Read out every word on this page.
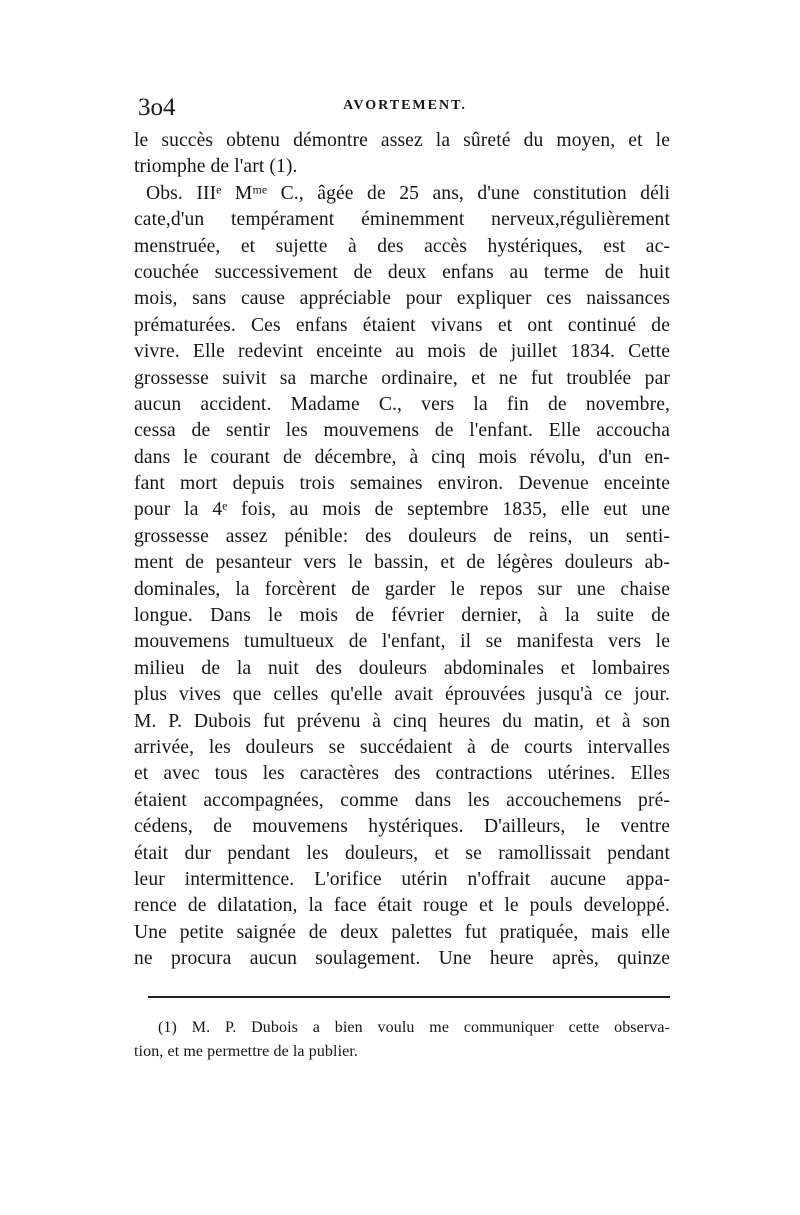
3o4	AVORTEMENT.
le succès obtenu démontre assez la sûreté du moyen, et le
triomphe de l'art (1).
Obs. IIIᵉ Mᵐᵉ C., âgée de 25 ans, d'une constitution déli
cate,d'un tempérament éminemment nerveux,régulièrement
menstruée, et sujette à des accès hystériques, est ac-
couchée successivement de deux enfans au terme de huit
mois, sans cause appréciable pour expliquer ces naissances
prématurées. Ces enfans étaient vivans et ont continué de
vivre. Elle redevint enceinte au mois de juillet 1834. Cette
grossesse suivit sa marche ordinaire, et ne fut troublée par
aucun accident. Madame C., vers la fin de novembre,
cessa de sentir les mouvemens de l'enfant. Elle accoucha
dans le courant de décembre, à cinq mois révolu, d'un en-
fant mort depuis trois semaines environ. Devenue enceinte
pour la 4ᵉ fois, au mois de septembre 1835, elle eut une
grossesse assez pénible: des douleurs de reins, un senti-
ment de pesanteur vers le bassin, et de légères douleurs ab-
dominales, la forcèrent de garder le repos sur une chaise
longue. Dans le mois de février dernier, à la suite de
mouvemens tumultueux de l'enfant, il se manifesta vers le
milieu de la nuit des douleurs abdominales et lombaires
plus vives que celles qu'elle avait éprouvées jusqu'à ce jour.
M. P. Dubois fut prévenu à cinq heures du matin, et à son
arrivée, les douleurs se succédaient à de courts intervalles
et avec tous les caractères des contractions utérines. Elles
étaient accompagnées, comme dans les accouchemens pré-
cédens, de mouvemens hystériques. D'ailleurs, le ventre
était dur pendant les douleurs, et se ramollissait pendant
leur intermittence. L'orifice utérin n'offrait aucune appa-
rence de dilatation, la face était rouge et le pouls developpé.
Une petite saignée de deux palettes fut pratiquée, mais elle
ne procura aucun soulagement. Une heure après, quinze
(1) M. P. Dubois a bien voulu me communiquer cette observa-
tion, et me permettre de la publier.
